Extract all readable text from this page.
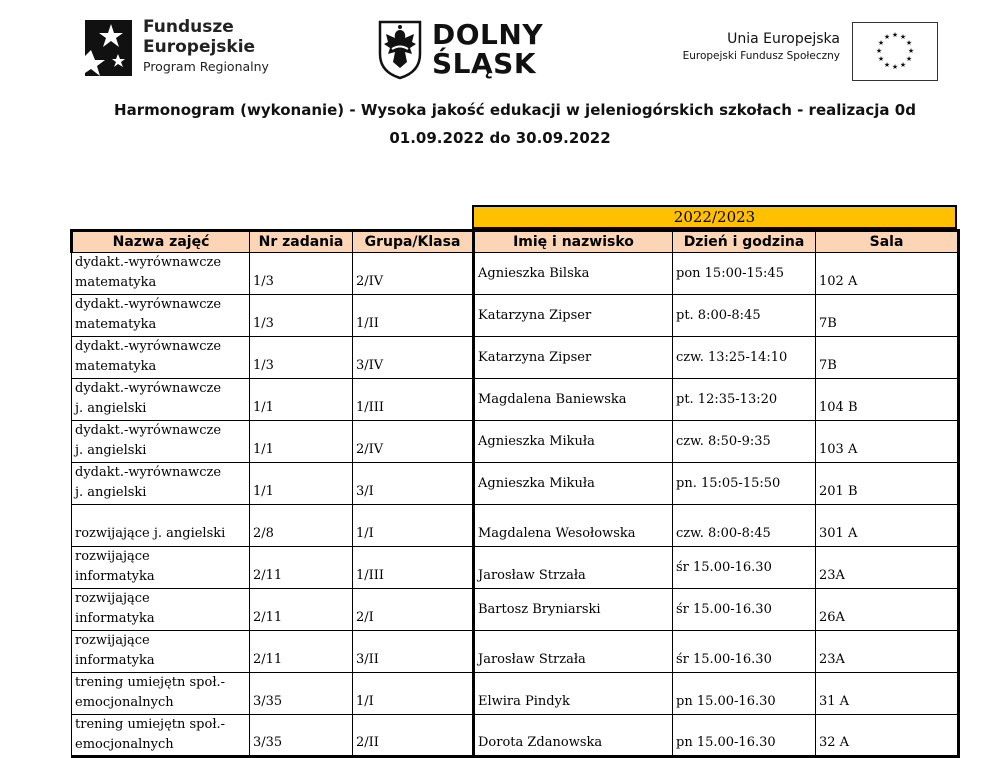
Fundusze
Europejskie
Program Regionalny
DOLNY
ŚLĄSK
Unia Europejska
Europejski Fundusz Społeczny
★ ★
★
★
★
★
★
★
★
★
★
★
Harmonogram (wykonanie) - Wysoka jakość edukacji w jeleniogórskich szkołach - realizacja 0d
01.09.2022 do 30.09.2022
2022/2023
Nazwa zajęć	Nr zadania	Grupa/Klasa	Imię i nazwisko	Dzień i godzina	Sala

dydakt.-wyrównawcze
matematyka	1/3	2/IV	Agnieszka Bilska	pon 15:00-15:45	102 A

dydakt.-wyrównawcze
matematyka	1/3	1/II	Katarzyna Zipser	pt. 8:00-8:45	7B

dydakt.-wyrównawcze
matematyka	1/3	3/IV	Katarzyna Zipser	czw. 13:25-14:10	7B

dydakt.-wyrównawcze
j. angielski	1/1	1/III	Magdalena Baniewska	pt. 12:35-13:20	104 B

dydakt.-wyrównawcze
j. angielski	1/1	2/IV	Agnieszka Mikuła	czw. 8:50-9:35	103 A

dydakt.-wyrównawcze
j. angielski	1/1	3/I	Agnieszka Mikuła	pn. 15:05-15:50	201 B
rozwijające j. angielski	2/8	1/I	Magdalena Wesołowska	czw. 8:00-8:45	301 A

rozwijające
informatyka	2/11	1/III	Jarosław Strzała	śr 15.00-16.30	23A

rozwijające
informatyka	2/11	2/I	Bartosz Bryniarski	śr 15.00-16.30	26A

rozwijające
informatyka	2/11	3/II	Jarosław Strzała	śr 15.00-16.30	23A

trening umiejętn społ.-
emocjonalnych	3/35	1/I	Elwira Pindyk	pn 15.00-16.30	31 A

trening umiejętn społ.-
emocjonalnych	3/35	2/II	Dorota Zdanowska	pn 15.00-16.30	32 A
